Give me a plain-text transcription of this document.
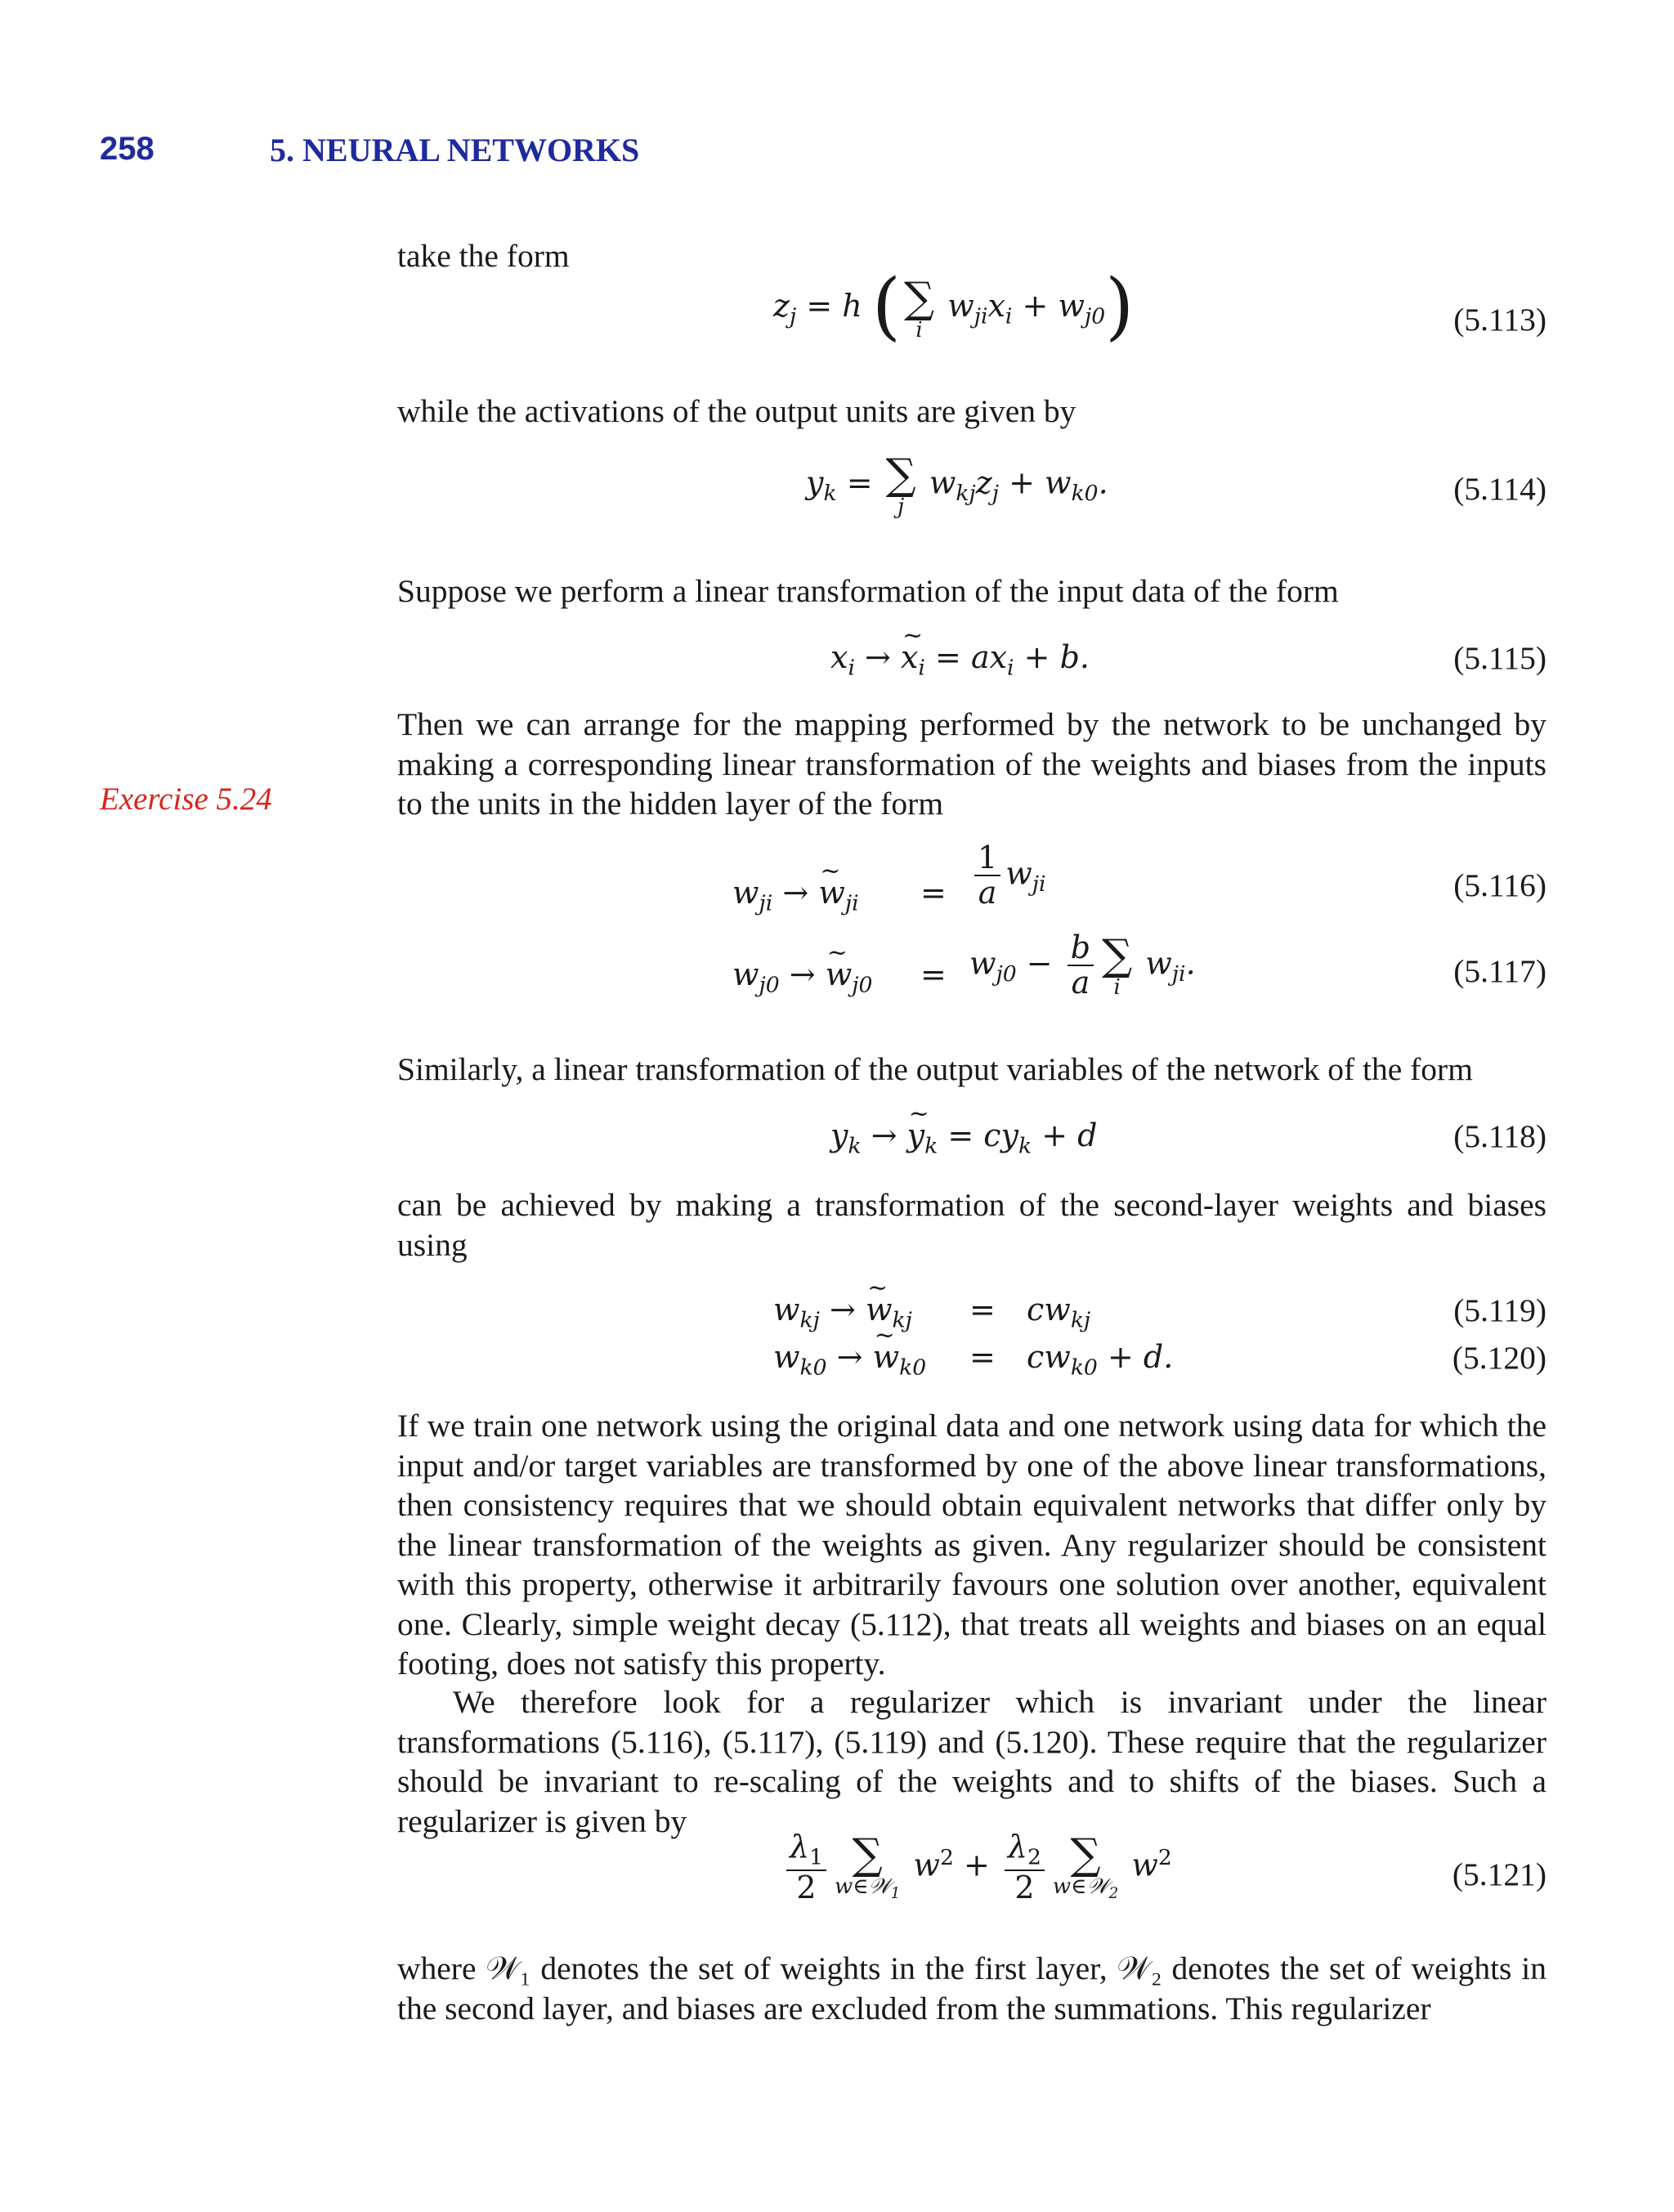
258	5. NEURAL NETWORKS
Exercise 5.24
take the form
$z_j = h$ ( ∑
i
$w_{ji}x_i + w_{j0}$)	(5.113)
while the activations of the output units are given by
$y_k$ = ∑
j
$w_{kj}z_j + w_{k0}$.	(5.114)
Suppose we perform a linear transformation of the input data of the form
$x_i$ → ~ $x_i = ax_i + b$.	(5.115)
Then we can arrange for the mapping performed by the network to be unchanged by making a corresponding linear transformation of the weights and biases from the inputs to the units in the hidden layer of the form
$w_{ji}$ → ~ $w_{ji} = \frac{1}{a} w_{ji}$	(5.116)
$w_{j0}$ → ~ $w_{j0} = w_{j0} - \frac{b}{a}$ ∑
i
$w_{ji}$.	(5.117)
Similarly, a linear transformation of the output variables of the network of the form
$y_k$ → ~ $y_k = cy_k + d$	(5.118)
can be achieved by making a transformation of the second-layer weights and biases using
$w_{kj}$ → ~ $w_{kj} = cw_{kj}$	(5.119)
$w_{k0}$ → ~ $w_{k0} = cw_{k0} + d$.	(5.120)
If we train one network using the original data and one network using data for which the input and/or target variables are transformed by one of the above linear transformations, then consistency requires that we should obtain equivalent networks that differ only by the linear transformation of the weights as given. Any regularizer should be consistent with this property, otherwise it arbitrarily favours one solution over another, equivalent one. Clearly, simple weight decay (5.112), that treats all weights and biases on an equal footing, does not satisfy this property.
We therefore look for a regularizer which is invariant under the linear transformations (5.116), (5.117), (5.119) and (5.120). These require that the regularizer should be invariant to re-scaling of the weights and to shifts of the biases. Such a regularizer is given by
$\frac{\lambda_1}{2}$ ∑
w∈𝒲$_1$
$w^2 + \frac{\lambda_2}{2}$ ∑
w∈𝒲$_2$
$w^2$	(5.121)
where 𝒲₁ denotes the set of weights in the first layer, 𝒲₂ denotes the set of weights in the second layer, and biases are excluded from the summations. This regularizer
